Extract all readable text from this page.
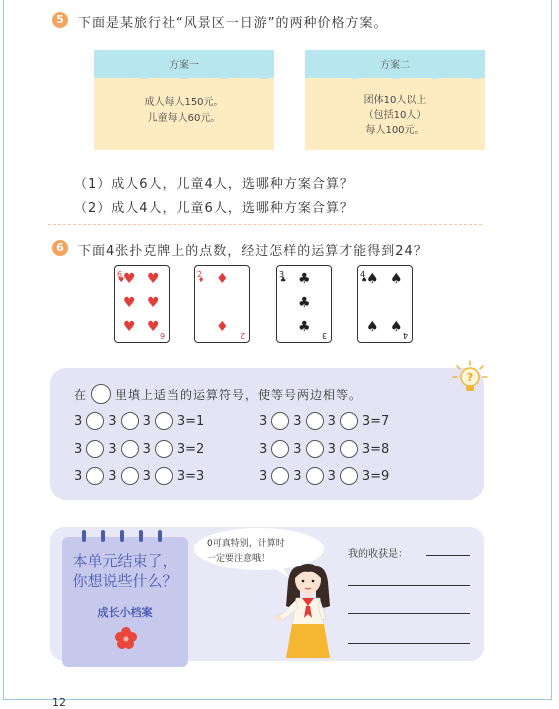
5	下面是某旅行社“风景区一日游”的两种价格方案。
方案一
成人每人150元。
儿童每人60元。
方案二
团体10人以上
（包括10人）
每人100元。
（1）成人6人，儿童4人，选哪种方案合算？
（2）成人4人，儿童6人，选哪种方案合算？
6	下面4张扑克牌上的点数，经过怎样的运算才能得到24？
6
♥
♥ ♥
♥ ♥
♥ ♥
6
2
♦ ♦
♦
2
3
♣ ♣
♣
♣
3
4
♠
♠ ♠
♠ ♠
4
?
在 里填上适当的运算符号，使等号两边相等。
3 3 3 3=1
3 3 3 3=2
3 3 3 3=3
3 3 3 3=7
3 3 3 3=8
3 3 3 3=9
本单元结束了，
你想说些什么？
成长小档案
0可真特别，计算时
一定要注意哦！	我的收获是：
12
